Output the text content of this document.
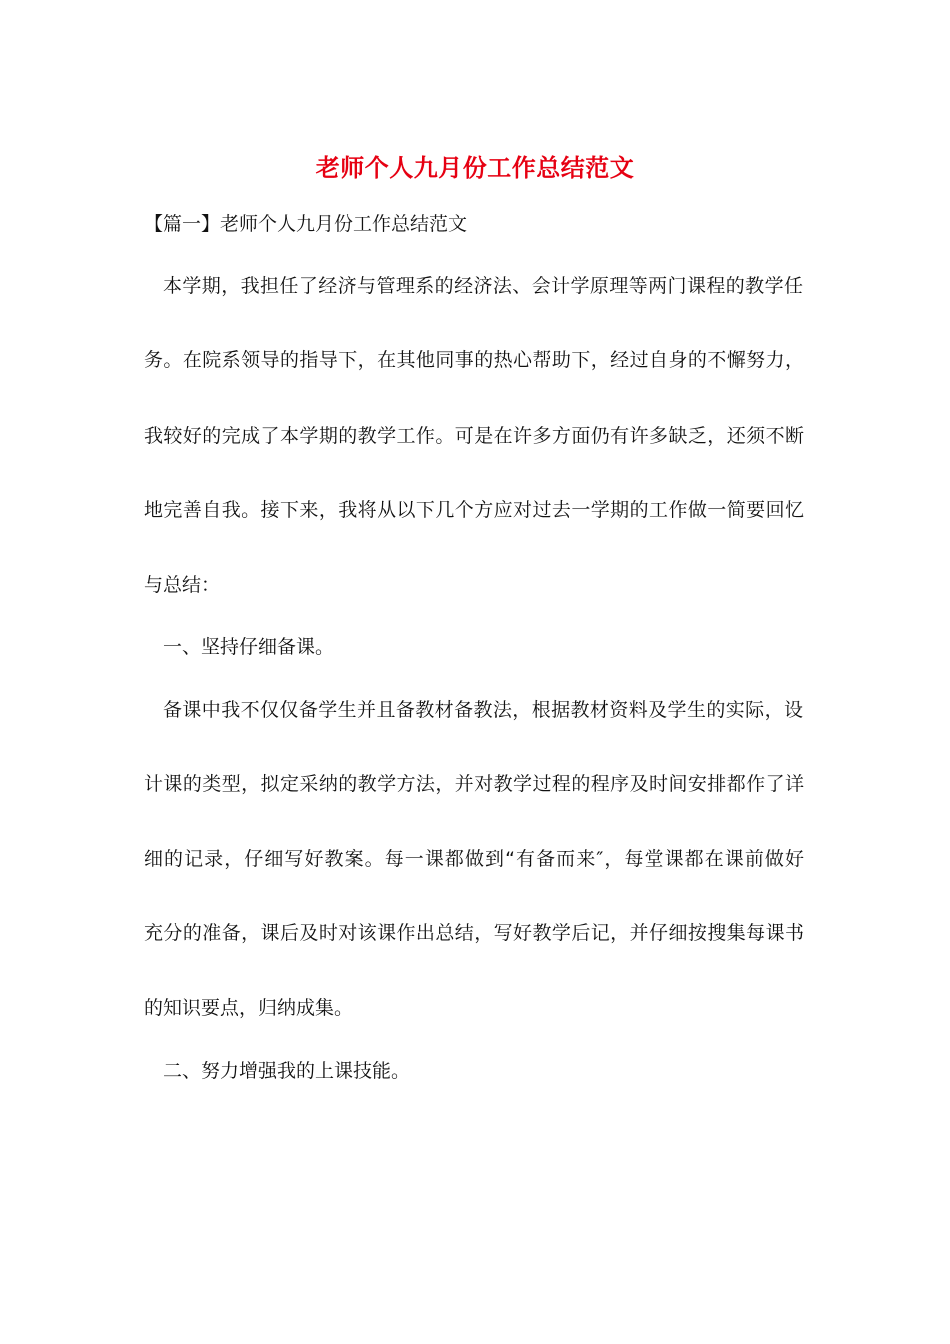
老师个人九月份工作总结范文
【篇一】老师个人九月份工作总结范文
本学期，我担任了经济与管理系的经济法、会计学原理等两门课程的教学任
务。在院系领导的指导下，在其他同事的热心帮助下，经过自身的不懈努力，
我较好的完成了本学期的教学工作。可是在许多方面仍有许多缺乏，还须不断
地完善自我。接下来，我将从以下几个方应对过去一学期的工作做一简要回忆
与总结：
一、坚持仔细备课。
备课中我不仅仅备学生并且备教材备教法，根据教材资料及学生的实际，设
计课的类型，拟定采纳的教学方法，并对教学过程的程序及时间安排都作了详
细的记录，仔细写好教案。每一课都做到“有备而来″，每堂课都在课前做好
充分的准备，课后及时对该课作出总结，写好教学后记，并仔细按搜集每课书
的知识要点，归纳成集。
二、努力增强我的上课技能。
